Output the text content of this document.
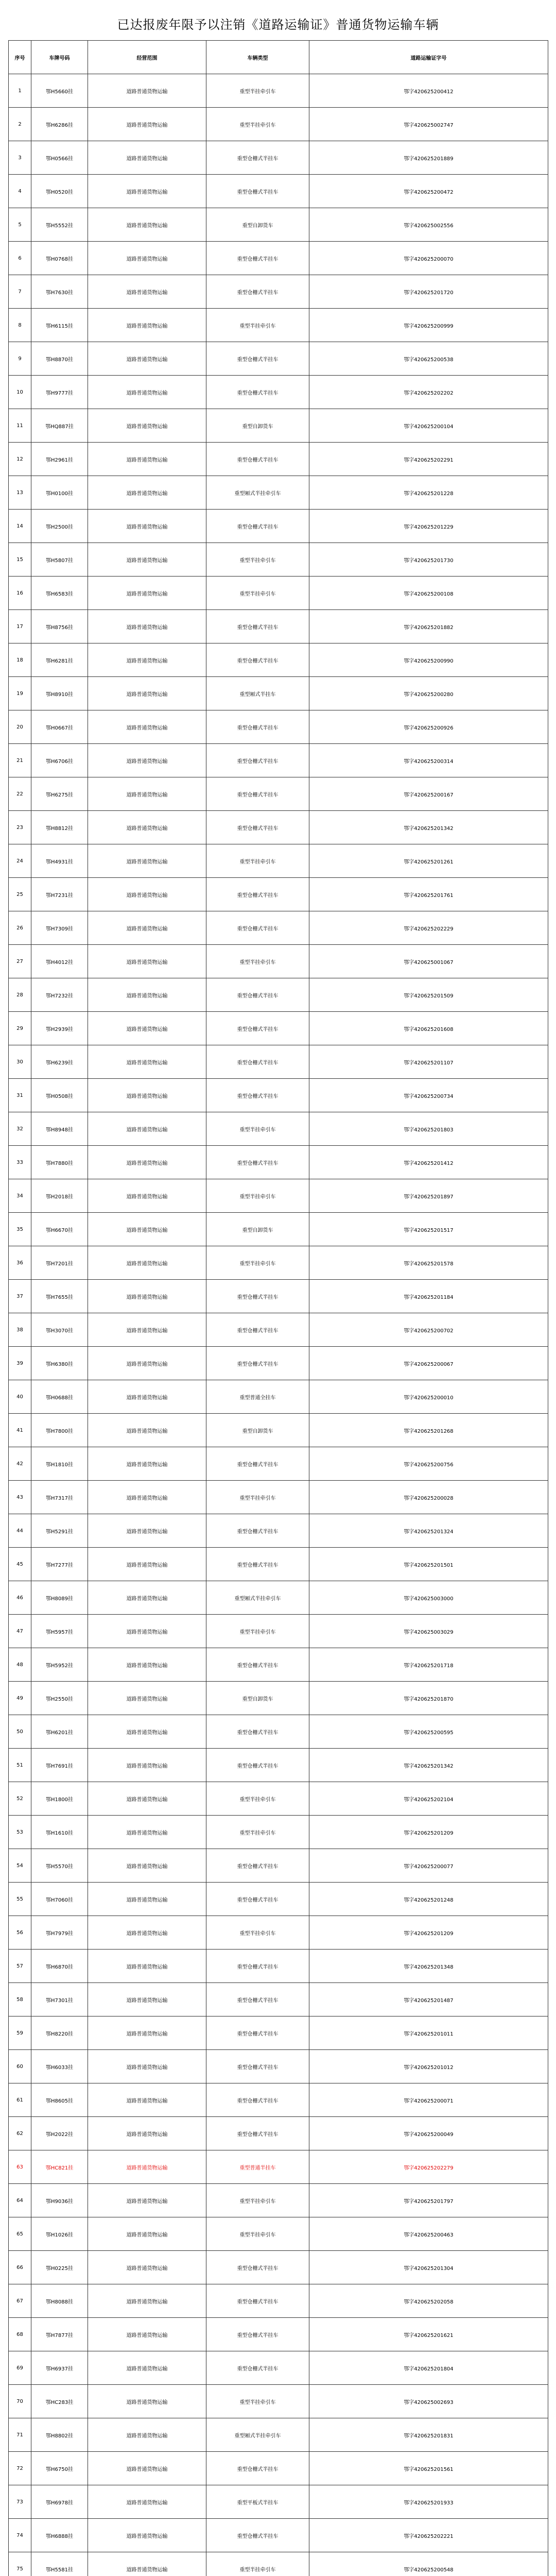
已达报废年限予以注销《道路运输证》普通货物运输车辆
序号	车牌号码	经营范围	车辆类型	道路运输证字号
1	鄂H5660挂	道路普通货物运输	重型半挂牵引车	鄂字420625200412
2	鄂H6286挂	道路普通货物运输	重型半挂牵引车	鄂字420625002747
3	鄂H0566挂	道路普通货物运输	重型仓栅式半挂车	鄂字420625201889
4	鄂H0520挂	道路普通货物运输	重型仓栅式半挂车	鄂字420625200472
5	鄂H5552挂	道路普通货物运输	重型自卸货车	鄂字420625002556
6	鄂H0768挂	道路普通货物运输	重型仓栅式半挂车	鄂字420625200070
7	鄂H7630挂	道路普通货物运输	重型仓栅式半挂车	鄂字420625201720
8	鄂H6115挂	道路普通货物运输	重型半挂牵引车	鄂字420625200999
9	鄂H8870挂	道路普通货物运输	重型仓栅式半挂车	鄂字420625200538
10	鄂H9777挂	道路普通货物运输	重型仓栅式半挂车	鄂字420625202202
11	鄂HQ887挂	道路普通货物运输	重型自卸货车	鄂字420625200104
12	鄂H2961挂	道路普通货物运输	重型仓栅式半挂车	鄂字420625202291
13	鄂H0100挂	道路普通货物运输	重型厢式半挂牵引车	鄂字420625201228
14	鄂H2500挂	道路普通货物运输	重型仓栅式半挂车	鄂字420625201229
15	鄂H5807挂	道路普通货物运输	重型半挂牵引车	鄂字420625201730
16	鄂H6583挂	道路普通货物运输	重型半挂牵引车	鄂字420625200108
17	鄂H8756挂	道路普通货物运输	重型仓栅式半挂车	鄂字420625201882
18	鄂H6281挂	道路普通货物运输	重型仓栅式半挂车	鄂字420625200990
19	鄂H8910挂	道路普通货物运输	重型厢式半挂车	鄂字420625200280
20	鄂H0667挂	道路普通货物运输	重型仓栅式半挂车	鄂字420625200926
21	鄂H6706挂	道路普通货物运输	重型仓栅式半挂车	鄂字420625200314
22	鄂H6275挂	道路普通货物运输	重型仓栅式半挂车	鄂字420625200167
23	鄂H8812挂	道路普通货物运输	重型仓栅式半挂车	鄂字420625201342
24	鄂H4931挂	道路普通货物运输	重型半挂牵引车	鄂字420625201261
25	鄂H7231挂	道路普通货物运输	重型仓栅式半挂车	鄂字420625201761
26	鄂H7309挂	道路普通货物运输	重型仓栅式半挂车	鄂字420625202229
27	鄂H4012挂	道路普通货物运输	重型半挂牵引车	鄂字420625001067
28	鄂H7232挂	道路普通货物运输	重型仓栅式半挂车	鄂字420625201509
29	鄂H2939挂	道路普通货物运输	重型仓栅式半挂车	鄂字420625201608
30	鄂H6239挂	道路普通货物运输	重型仓栅式半挂车	鄂字420625201107
31	鄂H0508挂	道路普通货物运输	重型仓栅式半挂车	鄂字420625200734
32	鄂H8948挂	道路普通货物运输	重型半挂牵引车	鄂字420625201803
33	鄂H7880挂	道路普通货物运输	重型仓栅式半挂车	鄂字420625201412
34	鄂H2018挂	道路普通货物运输	重型半挂牵引车	鄂字420625201897
35	鄂H6670挂	道路普通货物运输	重型自卸货车	鄂字420625201517
36	鄂H7201挂	道路普通货物运输	重型半挂牵引车	鄂字420625201578
37	鄂H7655挂	道路普通货物运输	重型仓栅式半挂车	鄂字420625201184
38	鄂H3070挂	道路普通货物运输	重型仓栅式半挂车	鄂字420625200702
39	鄂H6380挂	道路普通货物运输	重型仓栅式半挂车	鄂字420625200067
40	鄂H0688挂	道路普通货物运输	重型普通全挂车	鄂字420625200010
41	鄂H7800挂	道路普通货物运输	重型自卸货车	鄂字420625201268
42	鄂H1810挂	道路普通货物运输	重型仓栅式半挂车	鄂字420625200756
43	鄂H7317挂	道路普通货物运输	重型半挂牵引车	鄂字420625200028
44	鄂H5291挂	道路普通货物运输	重型仓栅式半挂车	鄂字420625201324
45	鄂H7277挂	道路普通货物运输	重型仓栅式半挂车	鄂字420625201501
46	鄂H8089挂	道路普通货物运输	重型厢式半挂牵引车	鄂字420625003000
47	鄂H5957挂	道路普通货物运输	重型半挂牵引车	鄂字420625003029
48	鄂H5952挂	道路普通货物运输	重型仓栅式半挂车	鄂字420625201718
49	鄂H2550挂	道路普通货物运输	重型自卸货车	鄂字420625201870
50	鄂H6201挂	道路普通货物运输	重型仓栅式半挂车	鄂字420625200595
51	鄂H7691挂	道路普通货物运输	重型仓栅式半挂车	鄂字420625201342
52	鄂H1800挂	道路普通货物运输	重型半挂牵引车	鄂字420625202104
53	鄂H1610挂	道路普通货物运输	重型半挂牵引车	鄂字420625201209
54	鄂H5570挂	道路普通货物运输	重型仓栅式半挂车	鄂字420625200077
55	鄂H7060挂	道路普通货物运输	重型仓栅式半挂车	鄂字420625201248
56	鄂H7979挂	道路普通货物运输	重型半挂牵引车	鄂字420625201209
57	鄂H6870挂	道路普通货物运输	重型仓栅式半挂车	鄂字420625201348
58	鄂H7301挂	道路普通货物运输	重型仓栅式半挂车	鄂字420625201487
59	鄂H8220挂	道路普通货物运输	重型仓栅式半挂车	鄂字420625201011
60	鄂H6033挂	道路普通货物运输	重型仓栅式半挂车	鄂字420625201012
61	鄂H8605挂	道路普通货物运输	重型仓栅式半挂车	鄂字420625200071
62	鄂H2022挂	道路普通货物运输	重型仓栅式半挂车	鄂字420625200049
63	鄂HC821挂	道路普通货物运输	重型普通半挂车	鄂字420625202279
64	鄂H9036挂	道路普通货物运输	重型半挂牵引车	鄂字420625201797
65	鄂H1026挂	道路普通货物运输	重型半挂牵引车	鄂字420625200463
66	鄂H0225挂	道路普通货物运输	重型仓栅式半挂车	鄂字420625201304
67	鄂H8088挂	道路普通货物运输	重型仓栅式半挂车	鄂字420625202058
68	鄂H7877挂	道路普通货物运输	重型仓栅式半挂车	鄂字420625201621
69	鄂H6937挂	道路普通货物运输	重型仓栅式半挂车	鄂字420625201804
70	鄂HC283挂	道路普通货物运输	重型半挂牵引车	鄂字420625002693
71	鄂H8802挂	道路普通货物运输	重型厢式半挂牵引车	鄂字420625201831
72	鄂H6750挂	道路普通货物运输	重型仓栅式半挂车	鄂字420625201561
73	鄂H6978挂	道路普通货物运输	重型平板式半挂车	鄂字420625201933
74	鄂H6888挂	道路普通货物运输	重型仓栅式半挂车	鄂字420625202221
75	鄂H5581挂	道路普通货物运输	重型半挂牵引车	鄂字420625200548
